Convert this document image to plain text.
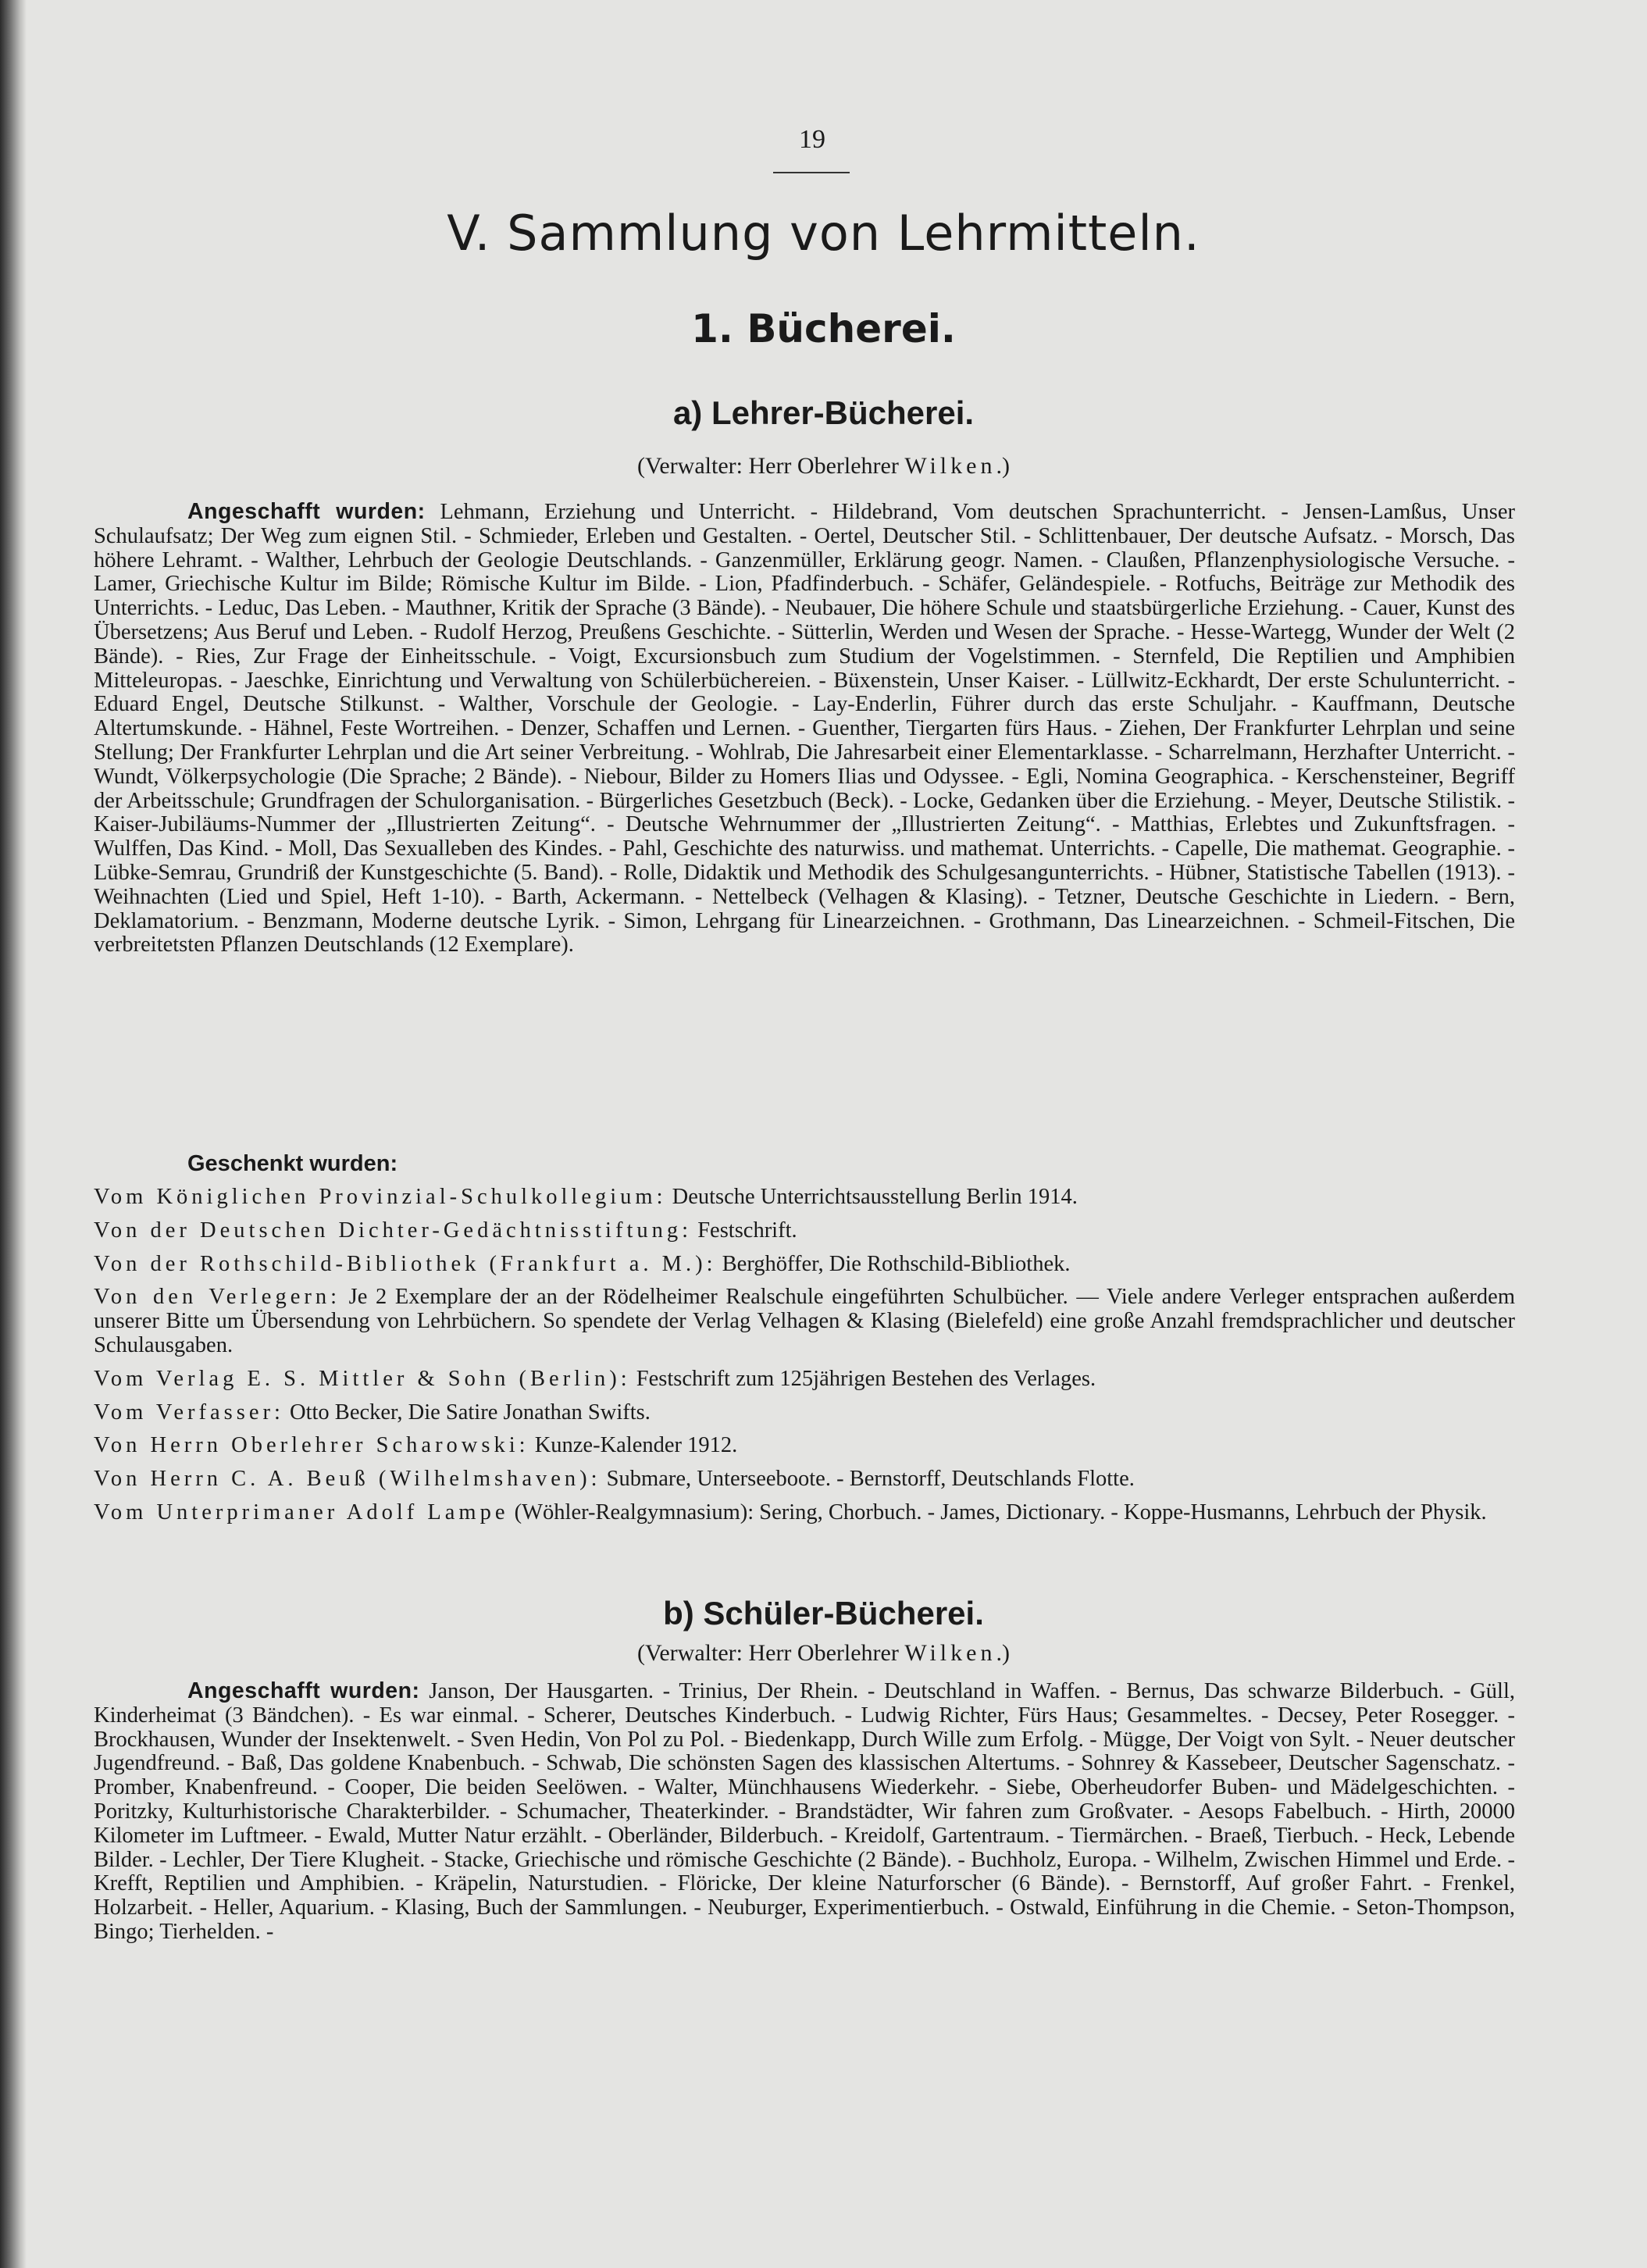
19
V. Sammlung von Lehrmitteln.
1. Bücherei.
a) Lehrer-Bücherei.
(Verwalter: Herr Oberlehrer Wilken.)
Angeschafft wurden: Lehmann, Erziehung und Unterricht. - Hildebrand, Vom deutschen Sprachunterricht. - Jensen-Lamßus, Unser Schulaufsatz; Der Weg zum eignen Stil. - Schmieder, Erleben und Gestalten. - Oertel, Deutscher Stil. - Schlittenbauer, Der deutsche Aufsatz. - Morsch, Das höhere Lehramt. - Walther, Lehrbuch der Geologie Deutschlands. - Ganzenmüller, Erklärung geogr. Namen. - Claußen, Pflanzenphysiologische Versuche. - Lamer, Griechische Kultur im Bilde; Römische Kultur im Bilde. - Lion, Pfadfinderbuch. - Schäfer, Geländespiele. - Rotfuchs, Beiträge zur Methodik des Unterrichts. - Leduc, Das Leben. - Mauthner, Kritik der Sprache (3 Bände). - Neubauer, Die höhere Schule und staatsbürgerliche Erziehung. - Cauer, Kunst des Übersetzens; Aus Beruf und Leben. - Rudolf Herzog, Preußens Geschichte. - Sütterlin, Werden und Wesen der Sprache. - Hesse-Wartegg, Wunder der Welt (2 Bände). - Ries, Zur Frage der Einheitsschule. - Voigt, Excursionsbuch zum Studium der Vogelstimmen. - Sternfeld, Die Reptilien und Amphibien Mitteleuropas. - Jaeschke, Einrichtung und Verwaltung von Schülerbüchereien. - Büxenstein, Unser Kaiser. - Lüllwitz-Eckhardt, Der erste Schulunterricht. - Eduard Engel, Deutsche Stilkunst. - Walther, Vorschule der Geologie. - Lay-Enderlin, Führer durch das erste Schuljahr. - Kauffmann, Deutsche Altertumskunde. - Hähnel, Feste Wortreihen. - Denzer, Schaffen und Lernen. - Guenther, Tiergarten fürs Haus. - Ziehen, Der Frankfurter Lehrplan und seine Stellung; Der Frankfurter Lehrplan und die Art seiner Verbreitung. - Wohlrab, Die Jahresarbeit einer Elementarklasse. - Scharrelmann, Herzhafter Unterricht. - Wundt, Völkerpsychologie (Die Sprache; 2 Bände). - Niebour, Bilder zu Homers Ilias und Odyssee. - Egli, Nomina Geographica. - Kerschensteiner, Begriff der Arbeitsschule; Grundfragen der Schulorganisation. - Bürgerliches Gesetzbuch (Beck). - Locke, Gedanken über die Erziehung. - Meyer, Deutsche Stilistik. - Kaiser-Jubiläums-Nummer der „Illustrierten Zeitung“. - Deutsche Wehrnummer der „Illustrierten Zeitung“. - Matthias, Erlebtes und Zukunftsfragen. - Wulffen, Das Kind. - Moll, Das Sexualleben des Kindes. - Pahl, Geschichte des naturwiss. und mathemat. Unterrichts. - Capelle, Die mathemat. Geographie. - Lübke-Semrau, Grundriß der Kunstgeschichte (5. Band). - Rolle, Didaktik und Methodik des Schulgesangunterrichts. - Hübner, Statistische Tabellen (1913). - Weihnachten (Lied und Spiel, Heft 1-10). - Barth, Ackermann. - Nettelbeck (Velhagen & Klasing). - Tetzner, Deutsche Geschichte in Liedern. - Bern, Deklamatorium. - Benzmann, Moderne deutsche Lyrik. - Simon, Lehrgang für Linearzeichnen. - Grothmann, Das Linearzeichnen. - Schmeil-Fitschen, Die verbreitetsten Pflanzen Deutschlands (12 Exemplare).
Geschenkt wurden:
Vom Königlichen Provinzial-Schulkollegium: Deutsche Unterrichtsausstellung Berlin 1914.
Von der Deutschen Dichter-Gedächtnisstiftung: Festschrift.
Von der Rothschild-Bibliothek (Frankfurt a. M.): Berghöffer, Die Rothschild-Bibliothek.
Von den Verlegern: Je 2 Exemplare der an der Rödelheimer Realschule eingeführten Schulbücher. — Viele andere Verleger entsprachen außerdem unserer Bitte um Übersendung von Lehrbüchern. So spendete der Verlag Velhagen & Klasing (Bielefeld) eine große Anzahl fremdsprachlicher und deutscher Schulausgaben.
Vom Verlag E. S. Mittler & Sohn (Berlin): Festschrift zum 125jährigen Bestehen des Verlages.
Vom Verfasser: Otto Becker, Die Satire Jonathan Swifts.
Von Herrn Oberlehrer Scharowski: Kunze-Kalender 1912.
Von Herrn C. A. Beuß (Wilhelmshaven): Submare, Unterseeboote. - Bernstorff, Deutschlands Flotte.
Vom Unterprimaner Adolf Lampe (Wöhler-Realgymnasium): Sering, Chorbuch. - James, Dictionary. - Koppe-Husmanns, Lehrbuch der Physik.
b) Schüler-Bücherei.
(Verwalter: Herr Oberlehrer Wilken.)
Angeschafft wurden: Janson, Der Hausgarten. - Trinius, Der Rhein. - Deutschland in Waffen. - Bernus, Das schwarze Bilderbuch. - Güll, Kinderheimat (3 Bändchen). - Es war einmal. - Scherer, Deutsches Kinderbuch. - Ludwig Richter, Fürs Haus; Gesammeltes. - Decsey, Peter Rosegger. - Brockhausen, Wunder der Insektenwelt. - Sven Hedin, Von Pol zu Pol. - Biedenkapp, Durch Wille zum Erfolg. - Mügge, Der Voigt von Sylt. - Neuer deutscher Jugendfreund. - Baß, Das goldene Knabenbuch. - Schwab, Die schönsten Sagen des klassischen Altertums. - Sohnrey & Kassebeer, Deutscher Sagenschatz. - Promber, Knabenfreund. - Cooper, Die beiden Seelöwen. - Walter, Münchhausens Wiederkehr. - Siebe, Oberheudorfer Buben- und Mädelgeschichten. - Poritzky, Kulturhistorische Charakterbilder. - Schumacher, Theaterkinder. - Brandstädter, Wir fahren zum Großvater. - Aesops Fabelbuch. - Hirth, 20000 Kilometer im Luftmeer. - Ewald, Mutter Natur erzählt. - Oberländer, Bilderbuch. - Kreidolf, Gartentraum. - Tiermärchen. - Braeß, Tierbuch. - Heck, Lebende Bilder. - Lechler, Der Tiere Klugheit. - Stacke, Griechische und römische Geschichte (2 Bände). - Buchholz, Europa. - Wilhelm, Zwischen Himmel und Erde. - Krefft, Reptilien und Amphibien. - Kräpelin, Naturstudien. - Flöricke, Der kleine Naturforscher (6 Bände). - Bernstorff, Auf großer Fahrt. - Frenkel, Holzarbeit. - Heller, Aquarium. - Klasing, Buch der Sammlungen. - Neuburger, Experimentierbuch. - Ostwald, Einführung in die Chemie. - Seton-Thompson, Bingo; Tierhelden. -
